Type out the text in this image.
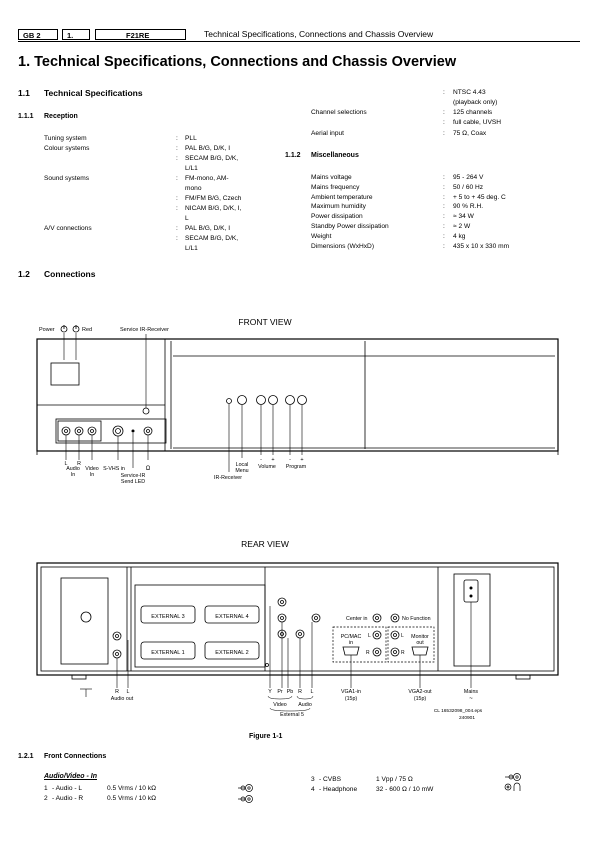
GB 2	1.	F21RE	Technical Specifications, Connections and Chassis Overview
1. Technical Specifications, Connections and Chassis Overview
1.1 Technical Specifications
1.1.1 Reception
Tuning system	: PLL
Colour systems	: PAL B/G, D/K, I
: SECAM B/G, D/K,
L/L1
Sound systems	: FM-mono, AM-
mono
: FM/FM B/G, Czech
: NICAM B/G, D/K, I,
L
A/V connections	: PAL B/G, D/K, I
: SECAM B/G, D/K,
L/L1
: NTSC 4.43
(playback only)
Channel selections	: 125 channels
: full cable, UVSH
Aerial input	: 75 Ω, Coax
1.1.2 Miscellaneous
Mains voltage	: 95 - 264 V
Mains frequency	: 50 / 60 Hz
Ambient temperature	: + 5 to + 45 deg. C
Maximum humidity	: 90 % R.H.
Power dissipation	: ≈ 34 W
Standby Power dissipation	: ≈ 2 W
Weight	: 4 kg
Dimensions (WxHxD)	: 435 x 10 x 330 mm
1.2 Connections
FRONT VIEW
Power	Red	Service IR-Receiver
L R
Audio
In
Video
In
S-VHS in
Service-IR
Send LED
Ω
- +	- +
Local
Menu
Volume Program
IR-Receiver
REAR VIEW
EXTERNAL 3	EXTERNAL 4
EXTERNAL 1	EXTERNAL 2
Center in	No Function
PC/MAC
in
L
R
Monitor
out
L
R
R L
Audio out
Y Pr Pb R L
Video Audio
External 5
VGA1-in
(15p)
VGA2-out
(15p)
Mains
~
CL 16532098_004.eps
240901
Figure 1-1
1.2.1 Front Connections
Audio/Video - In
1 - Audio - L	0.5 Vrms / 10 kΩ
2 - Audio - R	0.5 Vrms / 10 kΩ
3 - CVBS	1 Vpp / 75 Ω
4 - Headphone	32 - 600 Ω / 10 mW
